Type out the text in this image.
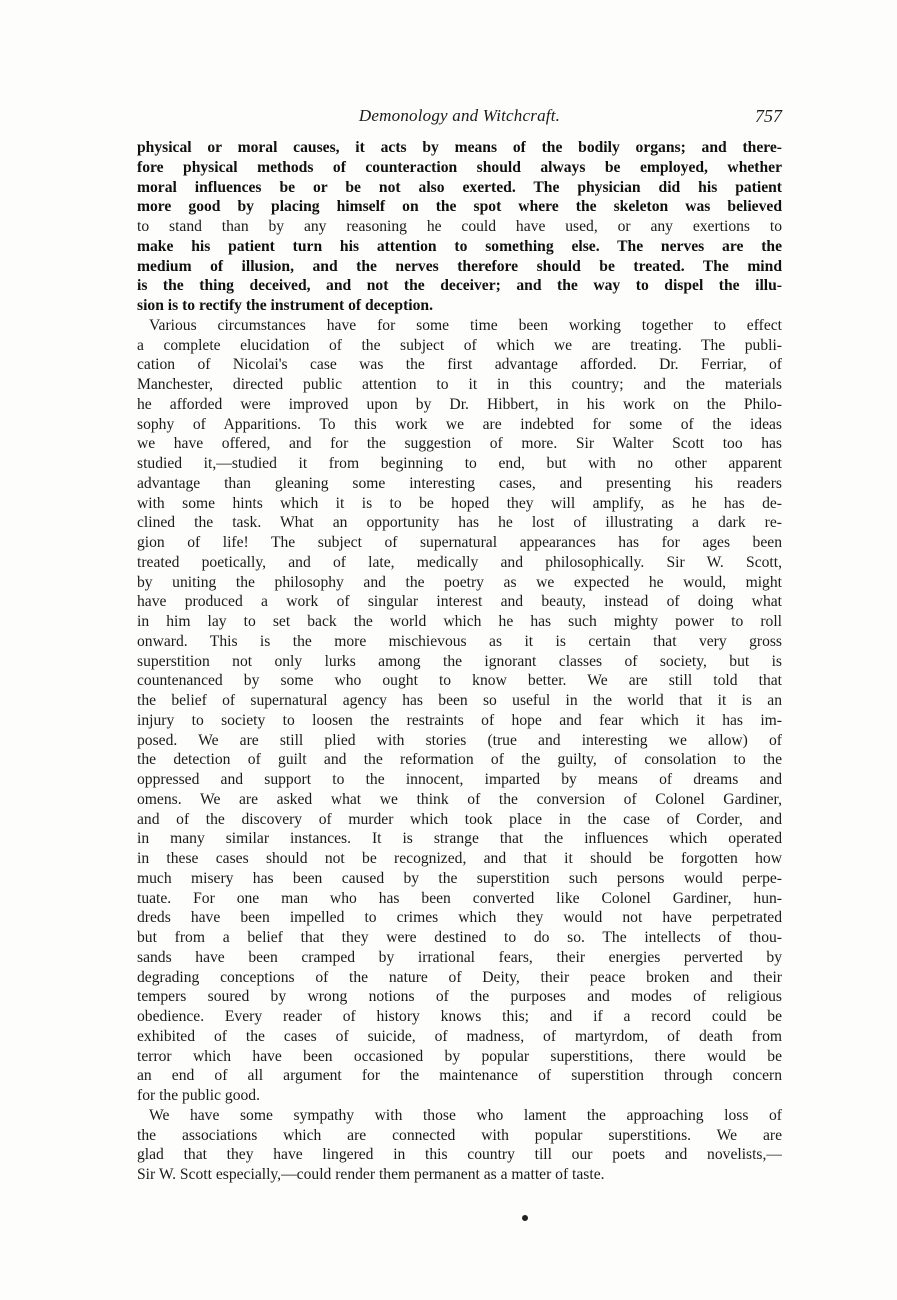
Demonology and Witchcraft.	757

physical or moral causes, it acts by means of the bodily organs; and there-
fore physical methods of counteraction should always be employed, whether
moral influences be or be not also exerted. The physician did his patient
more good by placing himself on the spot where the skeleton was believed
to stand than by any reasoning he could have used, or any exertions to
make his patient turn his attention to something else. The nerves are the
medium of illusion, and the nerves therefore should be treated. The mind
is the thing deceived, and not the deceiver; and the way to dispel the illu-
sion is to rectify the instrument of deception.

Various circumstances have for some time been working together to effect
a complete elucidation of the subject of which we are treating. The publi-
cation of Nicolai's case was the first advantage afforded. Dr. Ferriar, of
Manchester, directed public attention to it in this country; and the materials
he afforded were improved upon by Dr. Hibbert, in his work on the Philo-
sophy of Apparitions. To this work we are indebted for some of the ideas
we have offered, and for the suggestion of more. Sir Walter Scott too has
studied it,—studied it from beginning to end, but with no other apparent
advantage than gleaning some interesting cases, and presenting his readers
with some hints which it is to be hoped they will amplify, as he has de-
clined the task. What an opportunity has he lost of illustrating a dark re-
gion of life! The subject of supernatural appearances has for ages been
treated poetically, and of late, medically and philosophically. Sir W. Scott,
by uniting the philosophy and the poetry as we expected he would, might
have produced a work of singular interest and beauty, instead of doing what
in him lay to set back the world which he has such mighty power to roll
onward. This is the more mischievous as it is certain that very gross
superstition not only lurks among the ignorant classes of society, but is
countenanced by some who ought to know better. We are still told that
the belief of supernatural agency has been so useful in the world that it is an
injury to society to loosen the restraints of hope and fear which it has im-
posed. We are still plied with stories (true and interesting we allow) of
the detection of guilt and the reformation of the guilty, of consolation to the
oppressed and support to the innocent, imparted by means of dreams and
omens. We are asked what we think of the conversion of Colonel Gardiner,
and of the discovery of murder which took place in the case of Corder, and
in many similar instances. It is strange that the influences which operated
in these cases should not be recognized, and that it should be forgotten how
much misery has been caused by the superstition such persons would perpe-
tuate. For one man who has been converted like Colonel Gardiner, hun-
dreds have been impelled to crimes which they would not have perpetrated
but from a belief that they were destined to do so. The intellects of thou-
sands have been cramped by irrational fears, their energies perverted by
degrading conceptions of the nature of Deity, their peace broken and their
tempers soured by wrong notions of the purposes and modes of religious
obedience. Every reader of history knows this; and if a record could be
exhibited of the cases of suicide, of madness, of martyrdom, of death from
terror which have been occasioned by popular superstitions, there would be
an end of all argument for the maintenance of superstition through concern
for the public good.

We have some sympathy with those who lament the approaching loss of
the associations which are connected with popular superstitions. We are
glad that they have lingered in this country till our poets and novelists,—
Sir W. Scott especially,—could render them permanent as a matter of taste.
